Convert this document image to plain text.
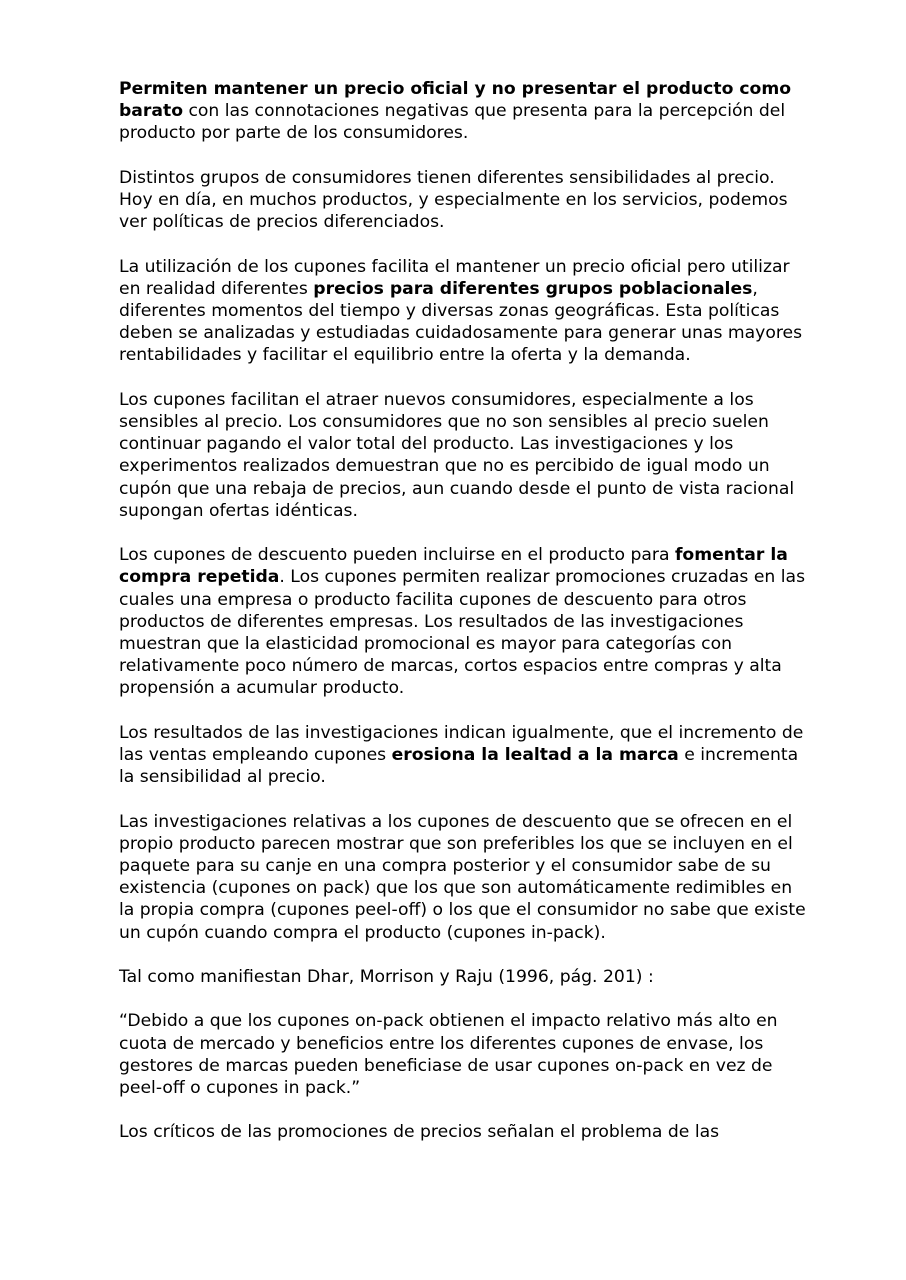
Permiten mantener un precio oficial y no presentar el producto como barato con las connotaciones negativas que presenta para la percepción del producto por parte de los consumidores.

Distintos grupos de consumidores tienen diferentes sensibilidades al precio. Hoy en día, en muchos productos, y especialmente en los servicios, podemos ver políticas de precios diferenciados.

La utilización de los cupones facilita el mantener un precio oficial pero utilizar en realidad diferentes precios para diferentes grupos poblacionales, diferentes momentos del tiempo y diversas zonas geográficas. Esta políticas deben se analizadas y estudiadas cuidadosamente para generar unas mayores rentabilidades y facilitar el equilibrio entre la oferta y la demanda.

Los cupones facilitan el atraer nuevos consumidores, especialmente a los sensibles al precio. Los consumidores que no son sensibles al precio suelen continuar pagando el valor total del producto. Las investigaciones y los experimentos realizados demuestran que no es percibido de igual modo un cupón que una rebaja de precios, aun cuando desde el punto de vista racional supongan ofertas idénticas.

Los cupones de descuento pueden incluirse en el producto para fomentar la compra repetida. Los cupones permiten realizar promociones cruzadas en las cuales una empresa o producto facilita cupones de descuento para otros productos de diferentes empresas. Los resultados de las investigaciones muestran que la elasticidad promocional es mayor para categorías con relativamente poco número de marcas, cortos espacios entre compras y alta propensión a acumular producto.

Los resultados de las investigaciones indican igualmente, que el incremento de las ventas empleando cupones erosiona la lealtad a la marca e incrementa la sensibilidad al precio.

Las investigaciones relativas a los cupones de descuento que se ofrecen en el propio producto parecen mostrar que son preferibles los que se incluyen en el paquete para su canje en una compra posterior y el consumidor sabe de su existencia (cupones on pack) que los que son automáticamente redimibles en la propia compra (cupones peel-off) o los que el consumidor no sabe que existe un cupón cuando compra el producto (cupones in-pack).

Tal como manifiestan Dhar, Morrison y Raju (1996, pág. 201) :

“Debido a que los cupones on-pack obtienen el impacto relativo más alto en cuota de mercado y beneficios entre los diferentes cupones de envase, los gestores de marcas pueden beneficiase de usar cupones on-pack en vez de peel-off o cupones in pack.”

Los críticos de las promociones de precios señalan el problema de las
